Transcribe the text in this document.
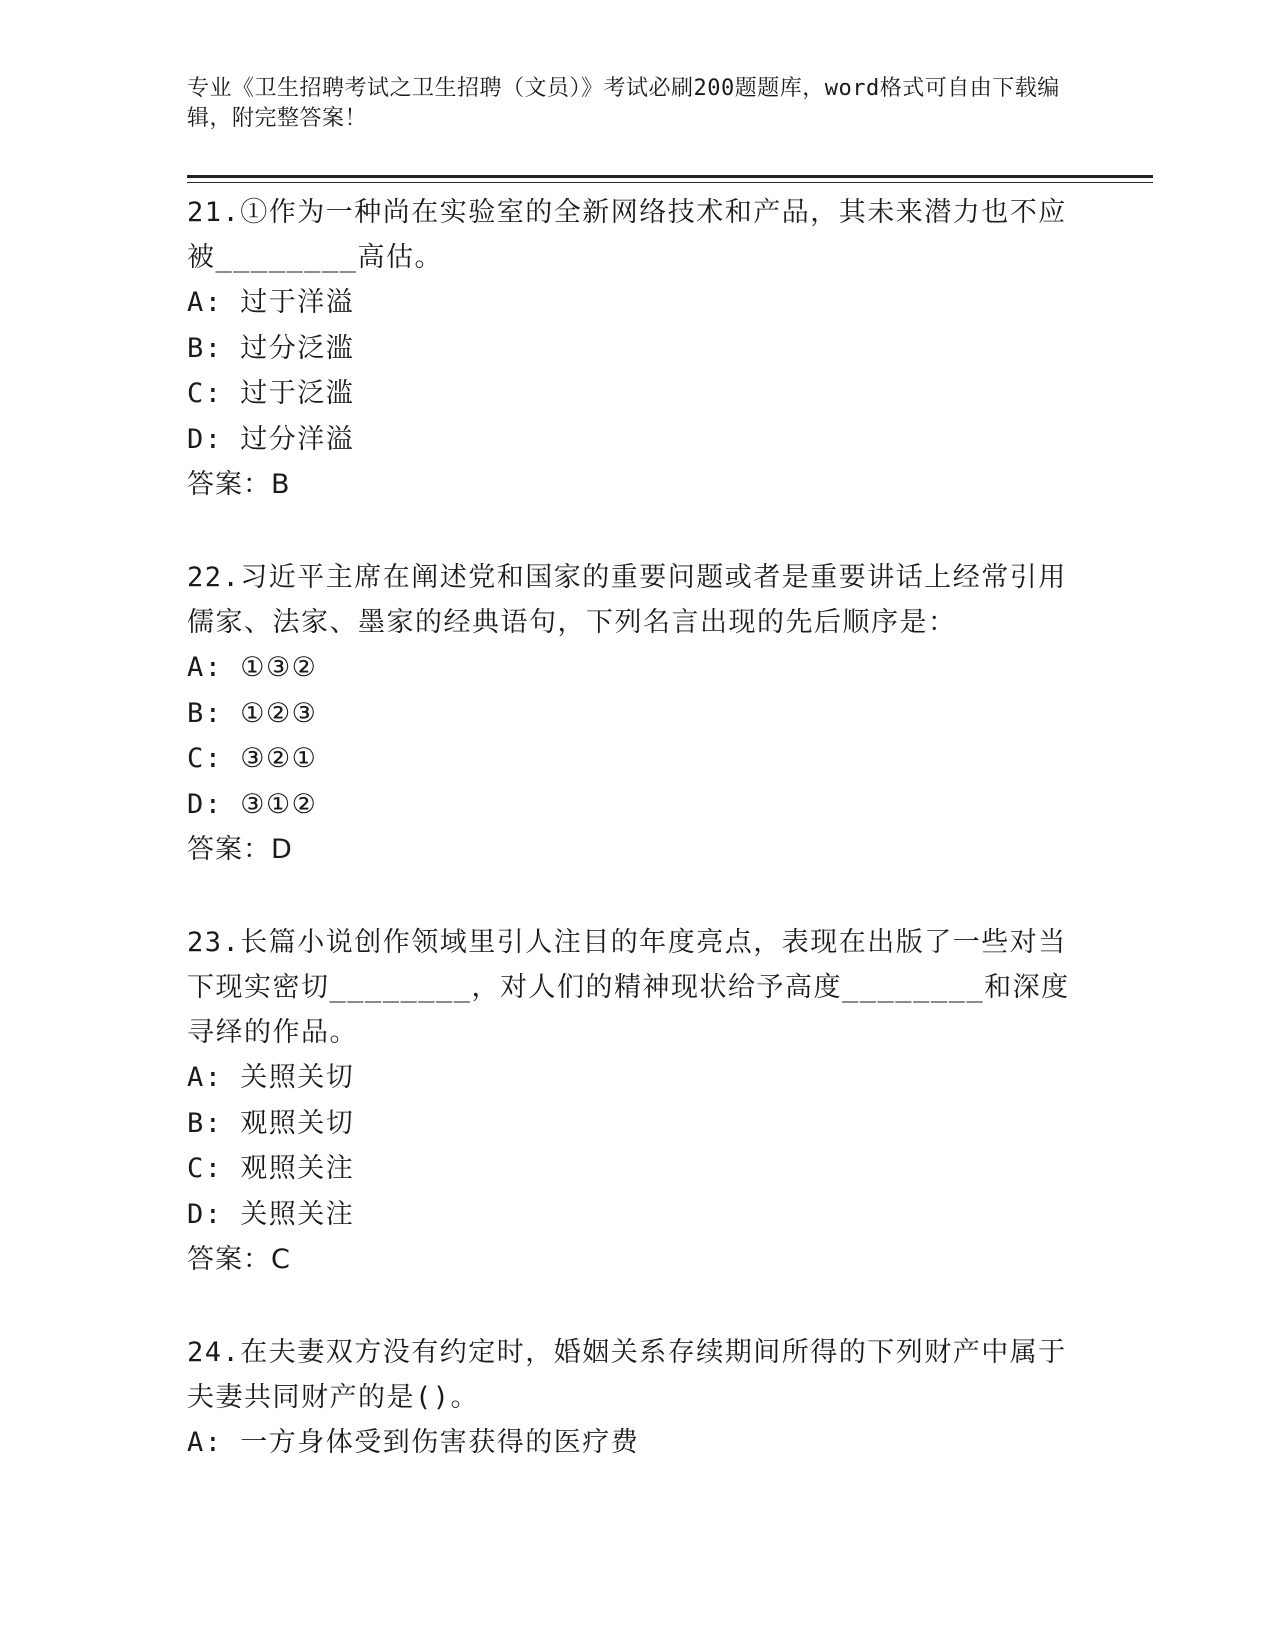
专业《卫生招聘考试之卫生招聘（文员）》考试必刷200题题库，word格式可自由下载编辑，附完整答案！

21.①作为一种尚在实验室的全新网络技术和产品，其未来潜力也不应被________高估。

A: 过于洋溢

B: 过分泛滥

C: 过于泛滥

D: 过分洋溢

答案：B

22.习近平主席在阐述党和国家的重要问题或者是重要讲话上经常引用儒家、法家、墨家的经典语句，下列名言出现的先后顺序是：

A: ①③②

B: ①②③

C: ③②①

D: ③①②

答案：D

23.长篇小说创作领域里引人注目的年度亮点，表现在出版了一些对当下现实密切________，对人们的精神现状给予高度________和深度寻绎的作品。

A: 关照关切

B: 观照关切

C: 观照关注

D: 关照关注

答案：C

24.在夫妻双方没有约定时，婚姻关系存续期间所得的下列财产中属于夫妻共同财产的是()。

A: 一方身体受到伤害获得的医疗费
